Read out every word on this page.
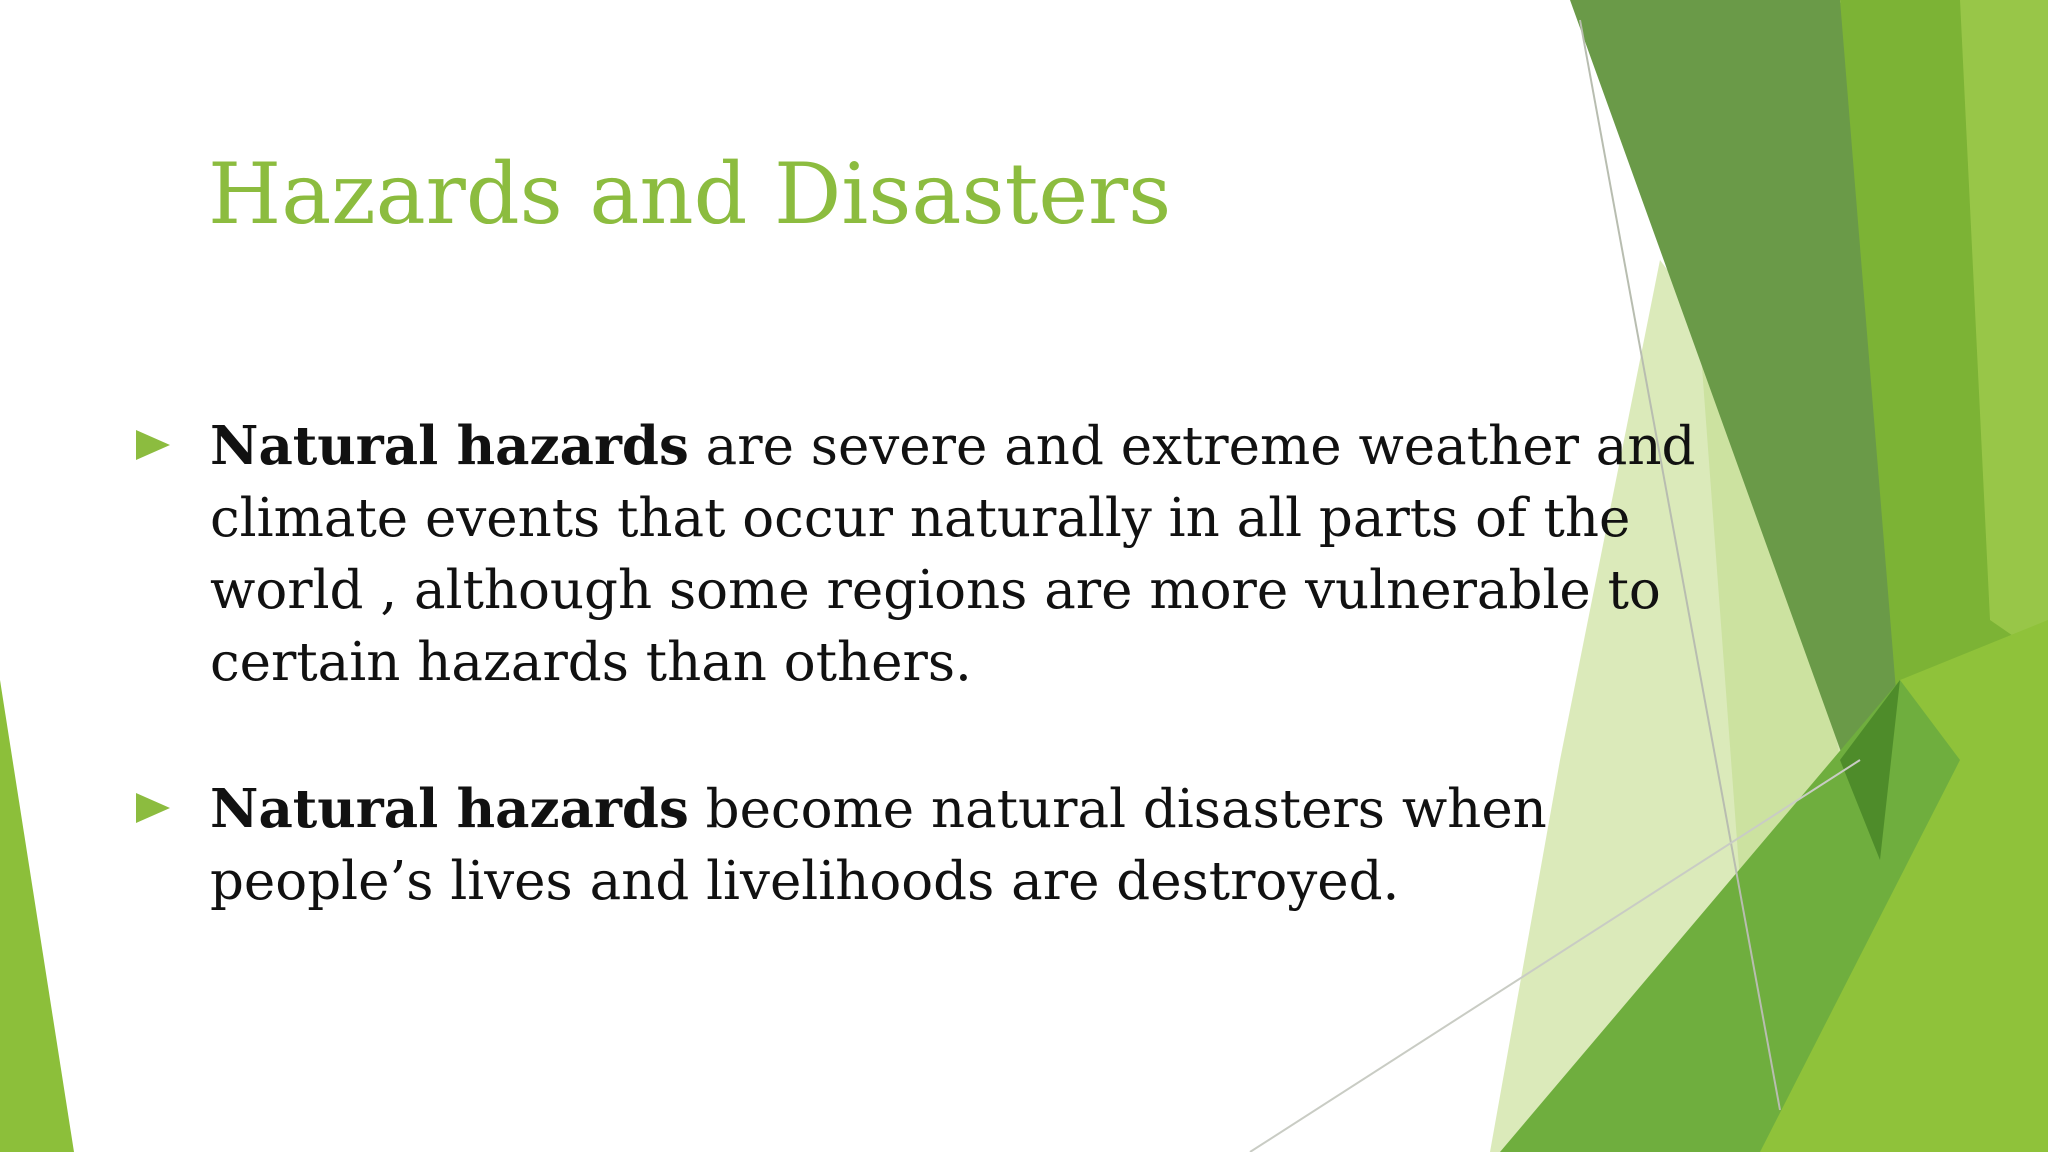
Hazards and Disasters
Natural hazards are severe and extreme weather and climate events that occur naturally in all parts of the world , although some regions are more vulnerable to certain hazards than others.
Natural hazards become natural disasters when people’s lives and livelihoods are destroyed.
